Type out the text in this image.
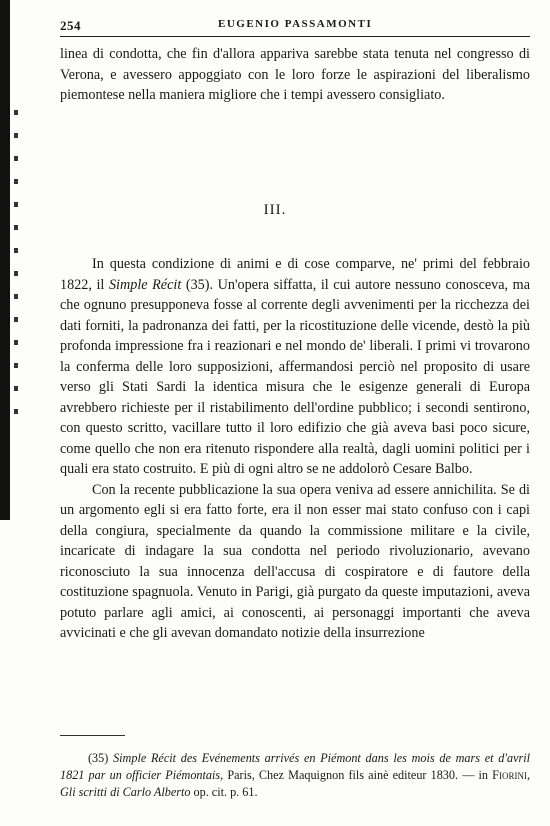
254	EUGENIO PASSAMONTI

linea di condotta, che fin d'allora appariva sarebbe stata tenuta nel congresso di Verona, e avessero appoggiato con le loro forze le aspirazioni del liberalismo piemontese nella maniera migliore che i tempi avessero consigliato.

III.

In questa condizione di animi e di cose comparve, ne' primi del febbraio 1822, il Simple Récit (35). Un'opera siffatta, il cui autore nessuno conosceva, ma che ognuno presupponeva fosse al corrente degli avvenimenti per la ricchezza dei dati forniti, la padronanza dei fatti, per la ricostituzione delle vicende, destò la più profonda impressione fra i reazionari e nel mondo de' liberali. I primi vi trovarono la conferma delle loro supposizioni, affermandosi perciò nel proposito di usare verso gli Stati Sardi la identica misura che le esigenze generali di Europa avrebbero richieste per il ristabilimento dell'ordine pubblico; i secondi sentirono, con questo scritto, vacillare tutto il loro edifizio che già aveva basi poco sicure, come quello che non era ritenuto rispondere alla realtà, dagli uomini politici per i quali era stato costruito. E più di ogni altro se ne addolorò Cesare Balbo.

Con la recente pubblicazione la sua opera veniva ad essere annichilita. Se di un argomento egli si era fatto forte, era il non esser mai stato confuso con i capi della congiura, specialmente da quando la commissione militare e la civile, incaricate di indagare la sua condotta nel periodo rivoluzionario, avevano riconosciuto la sua innocenza dell'accusa di cospiratore e di fautore della costituzione spagnuola. Venuto in Parigi, già purgato da queste imputazioni, aveva potuto parlare agli amici, ai conoscenti, ai personaggi importanti che aveva avvicinati e che gli avevan domandato notizie della insurrezione

(35) Simple Récit des Evénements arrivés en Piémont dans les mois de mars et d'avril 1821 par un officier Piémontais, Paris, Chez Maquignon fils ainè editeur 1830. — in Fiorini, Gli scritti di Carlo Alberto op. cit. p. 61.
